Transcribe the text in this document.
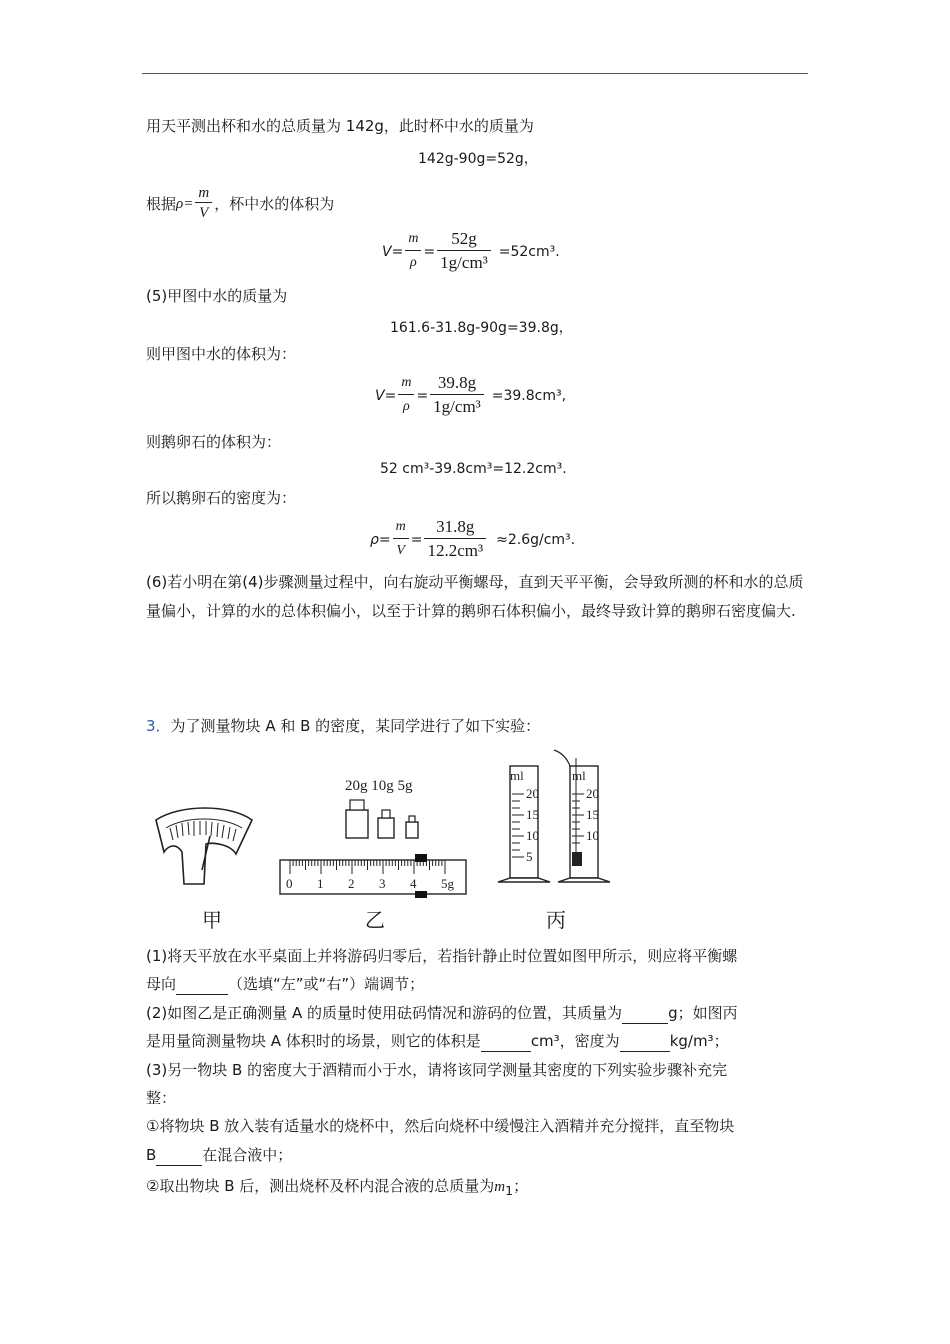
用天平测出杯和水的总质量为 142g，此时杯中水的质量为
142g-90g=52g，
根据 $\rho= \frac{m}{V}$ ，杯中水的体积为
$V= \frac{m}{\rho} = \frac{52g}{\text{1g/cm³}} =52cm^3$.
(5)甲图中水的质量为
161.6-31.8g-90g=39.8g，
则甲图中水的体积为：
$V= \frac{m}{\rho} = \frac{39.8g}{\text{1g/cm³}} =39.8cm^3$,
则鹅卵石的体积为：
52 cm³-39.8cm³=12.2cm³.
所以鹅卵石的密度为：
$\rho= \frac{m}{V} = \frac{31.8g}{\text{12.2cm³}} \approx 2.6g/cm^3$.
(6)若小明在第(4)步骤测量过程中，向右旋动平衡螺母，直到天平平衡，会导致所测的杯和水的总质量偏小，计算的水的总体积偏小，以至于计算的鹅卵石体积偏小，最终导致计算的鹅卵石密度偏大.
3．为了测量物块 A 和 B 的密度，某同学进行了如下实验：
20g 10g 5g
0 1 2 3 4 5g
ml
20
15
10
5
ml
20
15
10
甲	乙	丙
(1)将天平放在水平桌面上并将游码归零后，若指针静止时位置如图甲所示，则应将平衡螺
母向	（选填“左”或“右”）端调节；
(2)如图乙是正确测量 A 的质量时使用砝码情况和游码的位置，其质量为	g；如图丙
是用量筒测量物块 A 体积时的场景，则它的体积是	cm³，密度为	kg/m³；
(3)另一物块 B 的密度大于酒精而小于水，请将该同学测量其密度的下列实验步骤补充完
整：
①将物块 B 放入装有适量水的烧杯中，然后向烧杯中缓慢注入酒精并充分搅拌，直至物块
B	在混合液中；
②取出物块 B 后，测出烧杯及杯内混合液的总质量为$m_1$；
